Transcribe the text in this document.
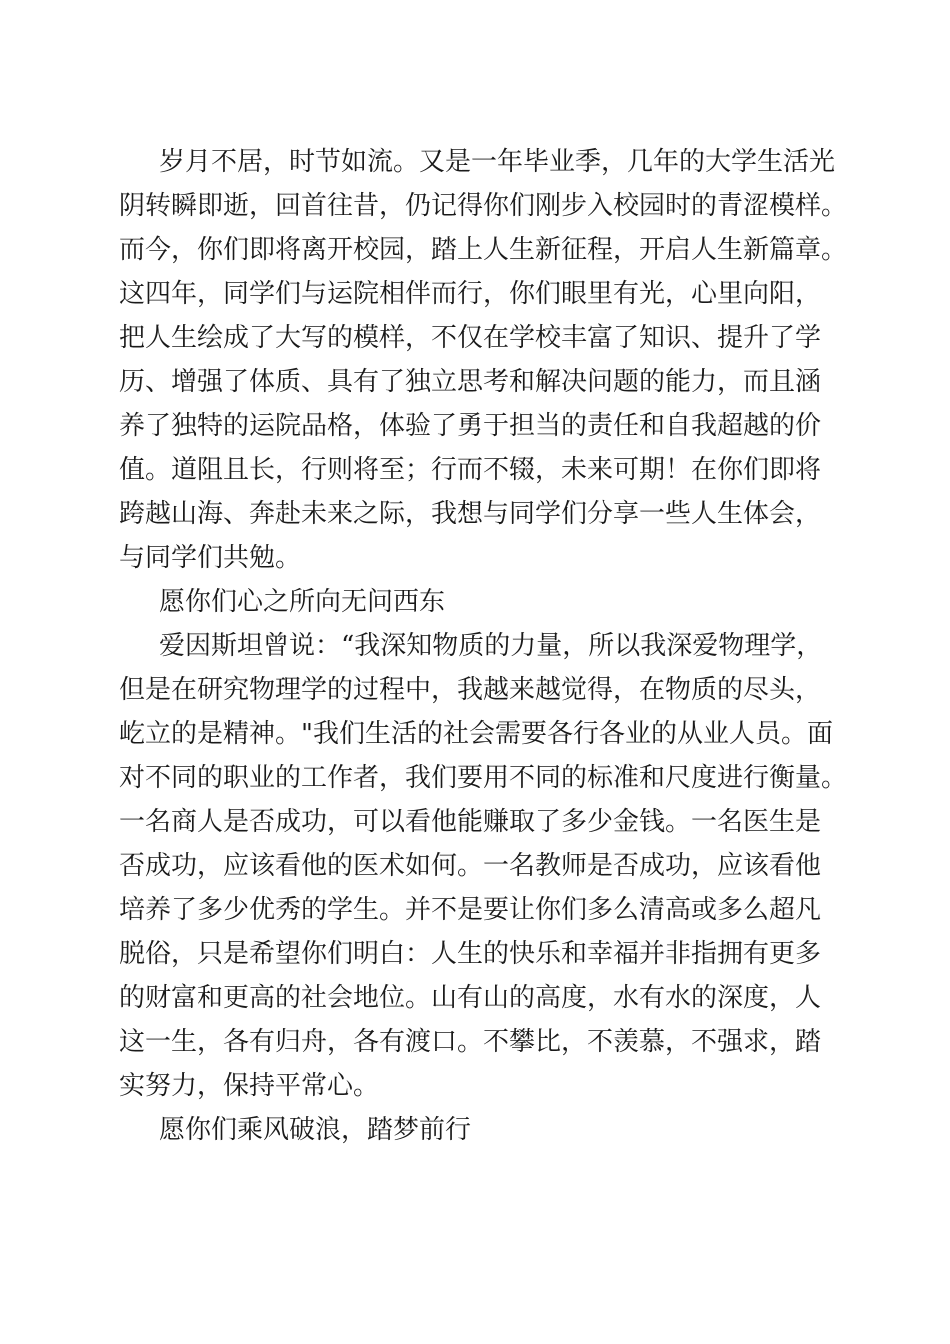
岁月不居，时节如流。又是一年毕业季，几年的大学生活光

阴转瞬即逝，回首往昔，仍记得你们刚步入校园时的青涩模样。

而今，你们即将离开校园，踏上人生新征程，开启人生新篇章。

这四年，同学们与运院相伴而行，你们眼里有光，心里向阳，

把人生绘成了大写的模样，不仅在学校丰富了知识、提升了学

历、增强了体质、具有了独立思考和解决问题的能力，而且涵

养了独特的运院品格，体验了勇于担当的责任和自我超越的价

值。道阻且长，行则将至；行而不辍，未来可期！在你们即将

跨越山海、奔赴未来之际，我想与同学们分享一些人生体会，

与同学们共勉。

愿你们心之所向无问西东

爱因斯坦曾说：“我深知物质的力量，所以我深爱物理学，

但是在研究物理学的过程中，我越来越觉得，在物质的尽头，

屹立的是精神。"我们生活的社会需要各行各业的从业人员。面

对不同的职业的工作者，我们要用不同的标准和尺度进行衡量。

一名商人是否成功，可以看他能赚取了多少金钱。一名医生是

否成功，应该看他的医术如何。一名教师是否成功，应该看他

培养了多少优秀的学生。并不是要让你们多么清高或多么超凡

脱俗，只是希望你们明白：人生的快乐和幸福并非指拥有更多

的财富和更高的社会地位。山有山的高度，水有水的深度，人

这一生，各有归舟，各有渡口。不攀比，不羡慕，不强求，踏

实努力，保持平常心。

愿你们乘风破浪，踏梦前行
